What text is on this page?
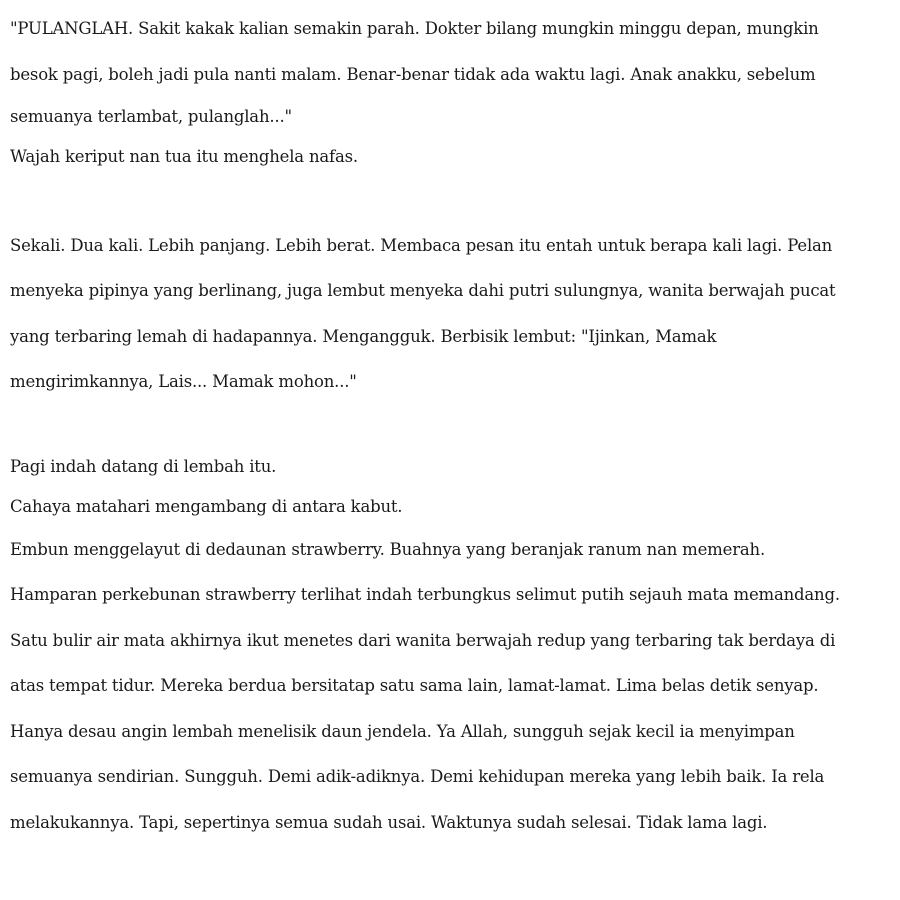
"PULANGLAH. Sakit kakak kalian semakin parah. Dokter bilang mungkin minggu depan, mungkin
besok pagi, boleh jadi pula nanti malam. Benar-benar tidak ada waktu lagi. Anak anakku, sebelum
semuanya terlambat, pulanglah..."
Wajah keriput nan tua itu menghela nafas.
Sekali. Dua kali. Lebih panjang. Lebih berat. Membaca pesan itu entah untuk berapa kali lagi. Pelan
menyeka pipinya yang berlinang, juga lembut menyeka dahi putri sulungnya, wanita berwajah pucat
yang terbaring lemah di hadapannya. Mengangguk. Berbisik lembut: "Ijinkan, Mamak
mengirimkannya, Lais... Mamak mohon..."
Pagi indah datang di lembah itu.
Cahaya matahari mengambang di antara kabut.
Embun menggelayut di dedaunan strawberry. Buahnya yang beranjak ranum nan memerah.
Hamparan perkebunan strawberry terlihat indah terbungkus selimut putih sejauh mata memandang.
Satu bulir air mata akhirnya ikut menetes dari wanita berwajah redup yang terbaring tak berdaya di
atas tempat tidur. Mereka berdua bersitatap satu sama lain, lamat-lamat. Lima belas detik senyap.
Hanya desau angin lembah menelisik daun jendela. Ya Allah, sungguh sejak kecil ia menyimpan
semuanya sendirian. Sungguh. Demi adik-adiknya. Demi kehidupan mereka yang lebih baik. Ia rela
melakukannya. Tapi, sepertinya semua sudah usai. Waktunya sudah selesai. Tidak lama lagi.
